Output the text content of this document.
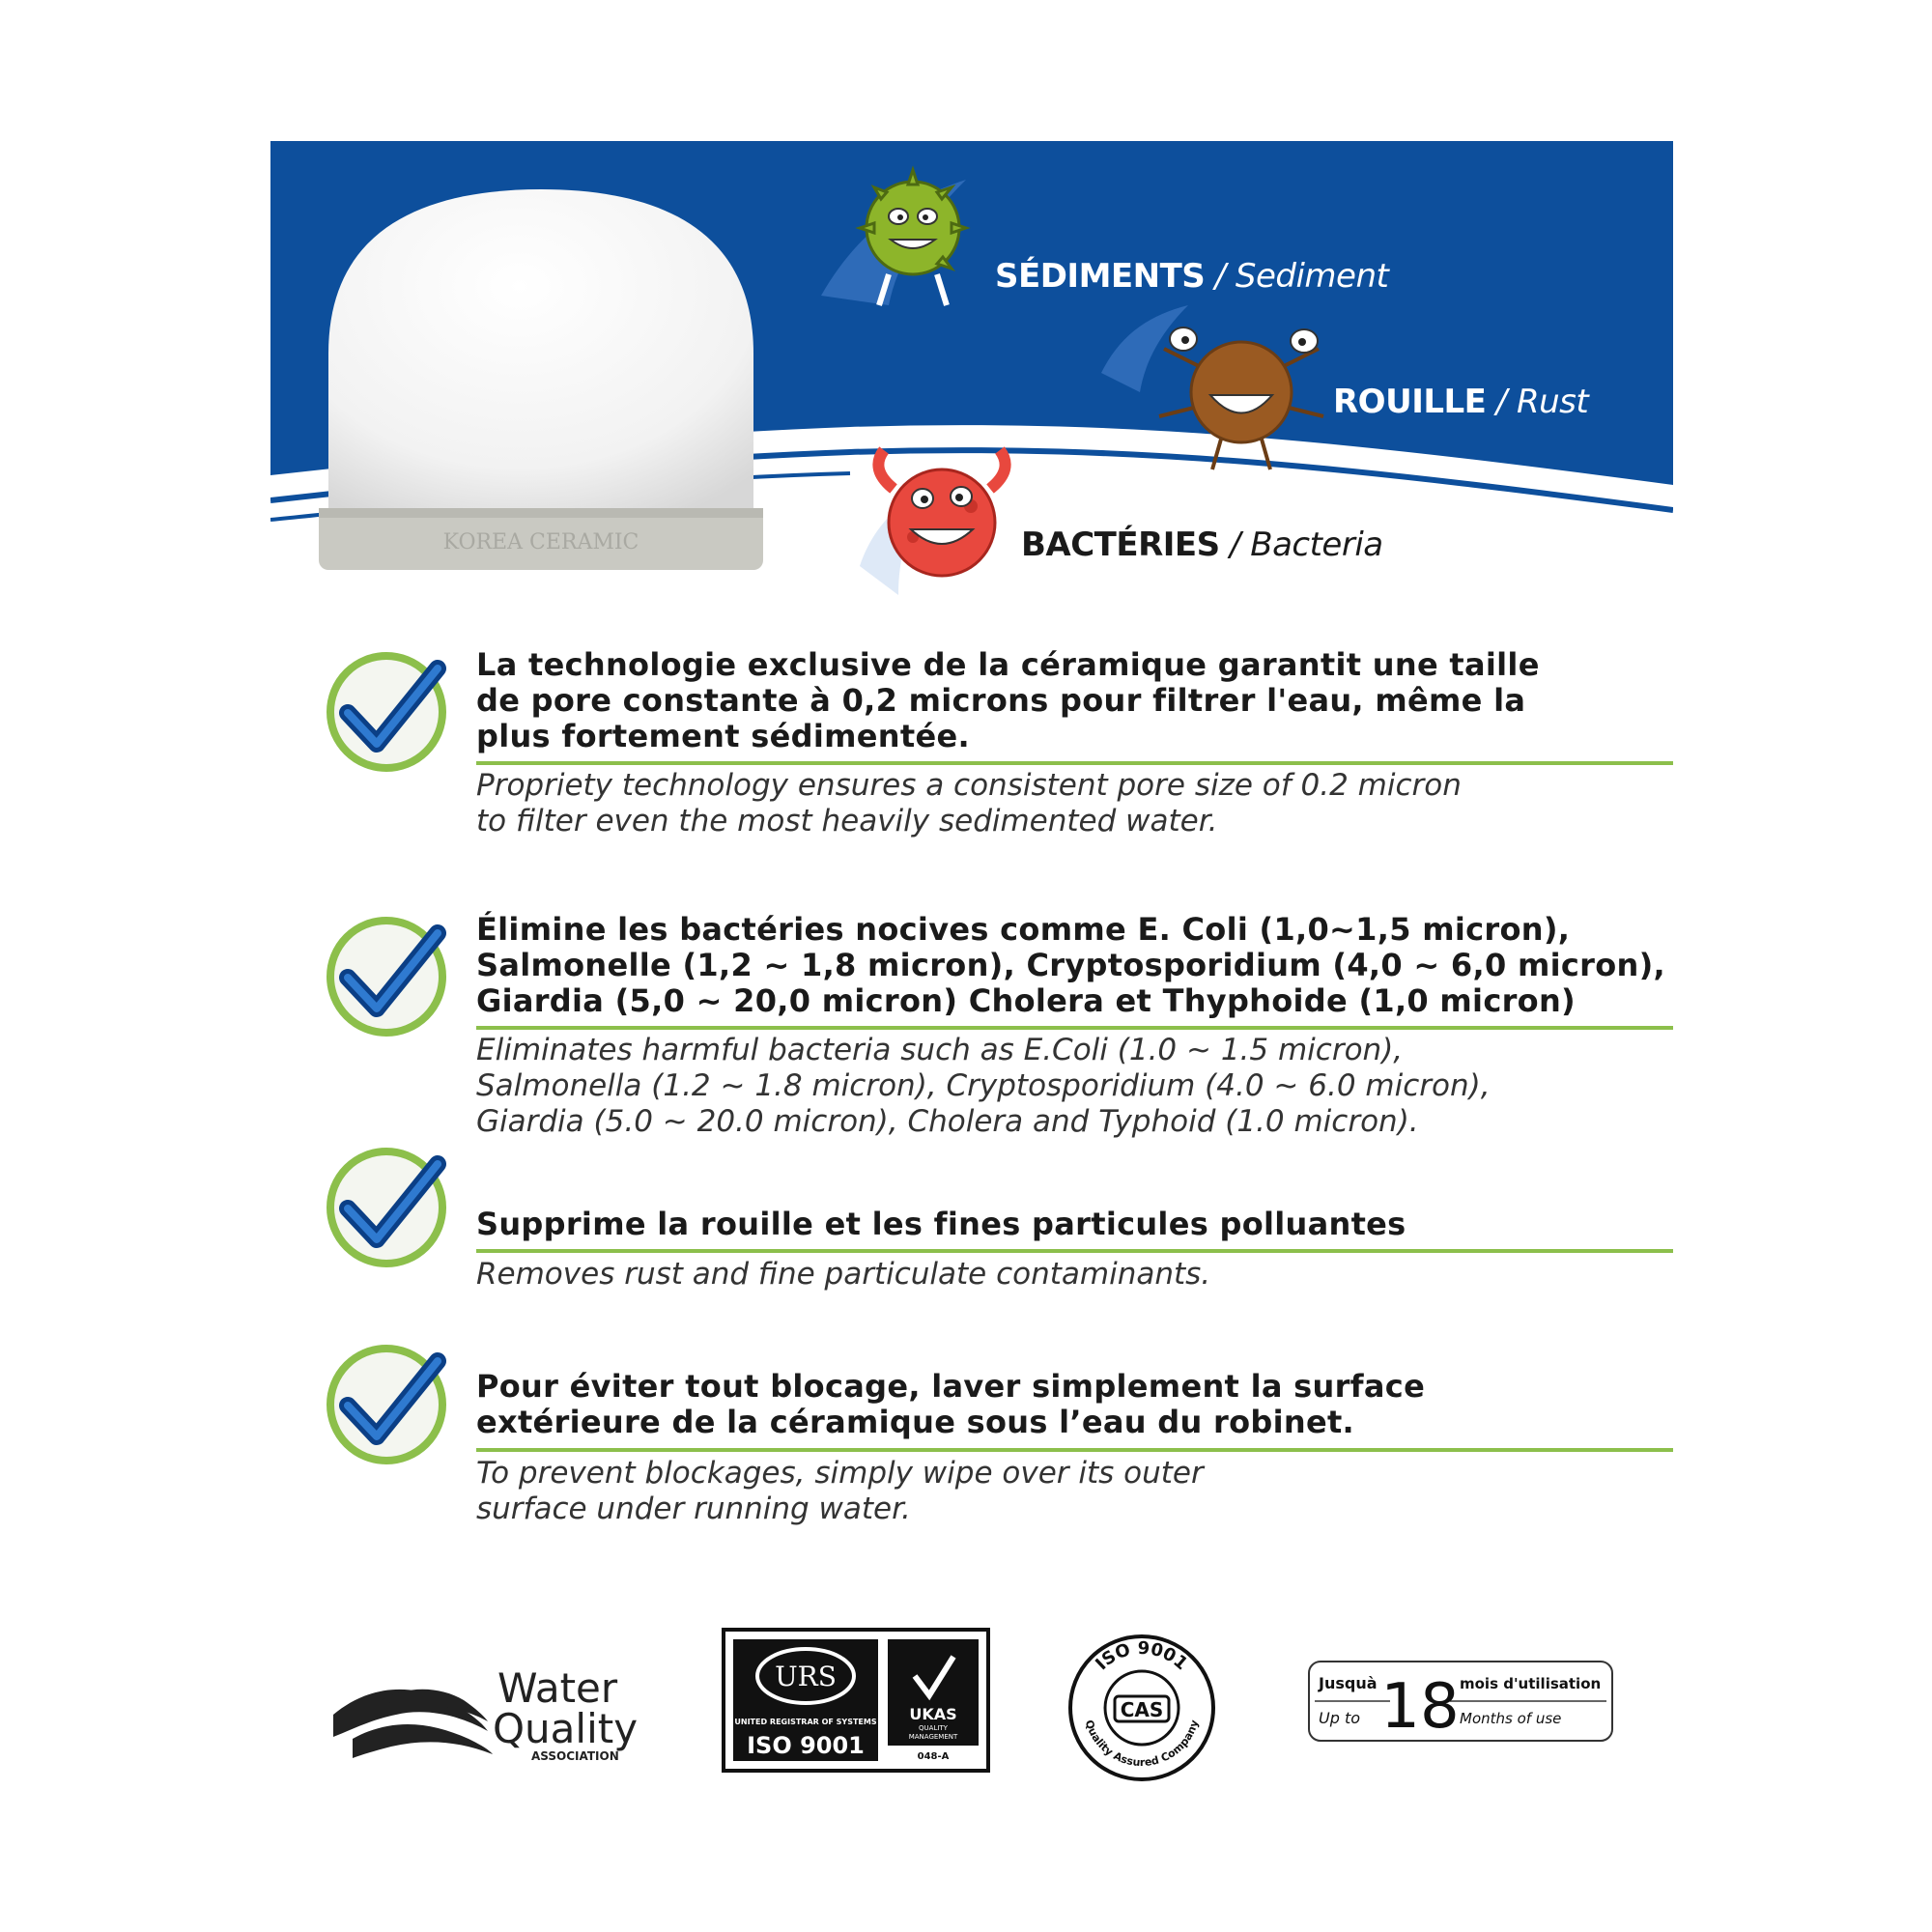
KOREA CERAMIC
SÉDIMENTS / Sediment
ROUILLE / Rust
BACTÉRIES / Bacteria
La technologie exclusive de la céramique garantit une taille
de pore constante à 0,2 microns pour filtrer l'eau, même la
plus fortement sédimentée.
Propriety technology ensures a consistent pore size of 0.2 micron
to filter even the most heavily sedimented water.
Élimine les bactéries nocives comme E. Coli (1,0~1,5 micron),
Salmonelle (1,2 ~ 1,8 micron), Cryptosporidium (4,0 ~ 6,0 micron),
Giardia (5,0 ~ 20,0 micron) Cholera et Thyphoide (1,0 micron)
Eliminates harmful bacteria such as E.Coli (1.0 ~ 1.5 micron),
Salmonella (1.2 ~ 1.8 micron), Cryptosporidium (4.0 ~ 6.0 micron),
Giardia (5.0 ~ 20.0 micron), Cholera and Typhoid (1.0 micron).
Supprime la rouille et les fines particules polluantes
Removes rust and fine particulate contaminants.
Pour éviter tout blocage, laver simplement la surface
extérieure de la céramique sous l’eau du robinet.
To prevent blockages, simply wipe over its outer
surface under running water.
Water
Quality
ASSOCIATION
URS
UNITED REGISTRAR OF SYSTEMS
ISO 9001
UKAS
QUALITY
MANAGEMENT
048-A
ISO 9001
Quality Assured Company
CAS
Jusquà
Up to 18 mois d'utilisation
Months of use
